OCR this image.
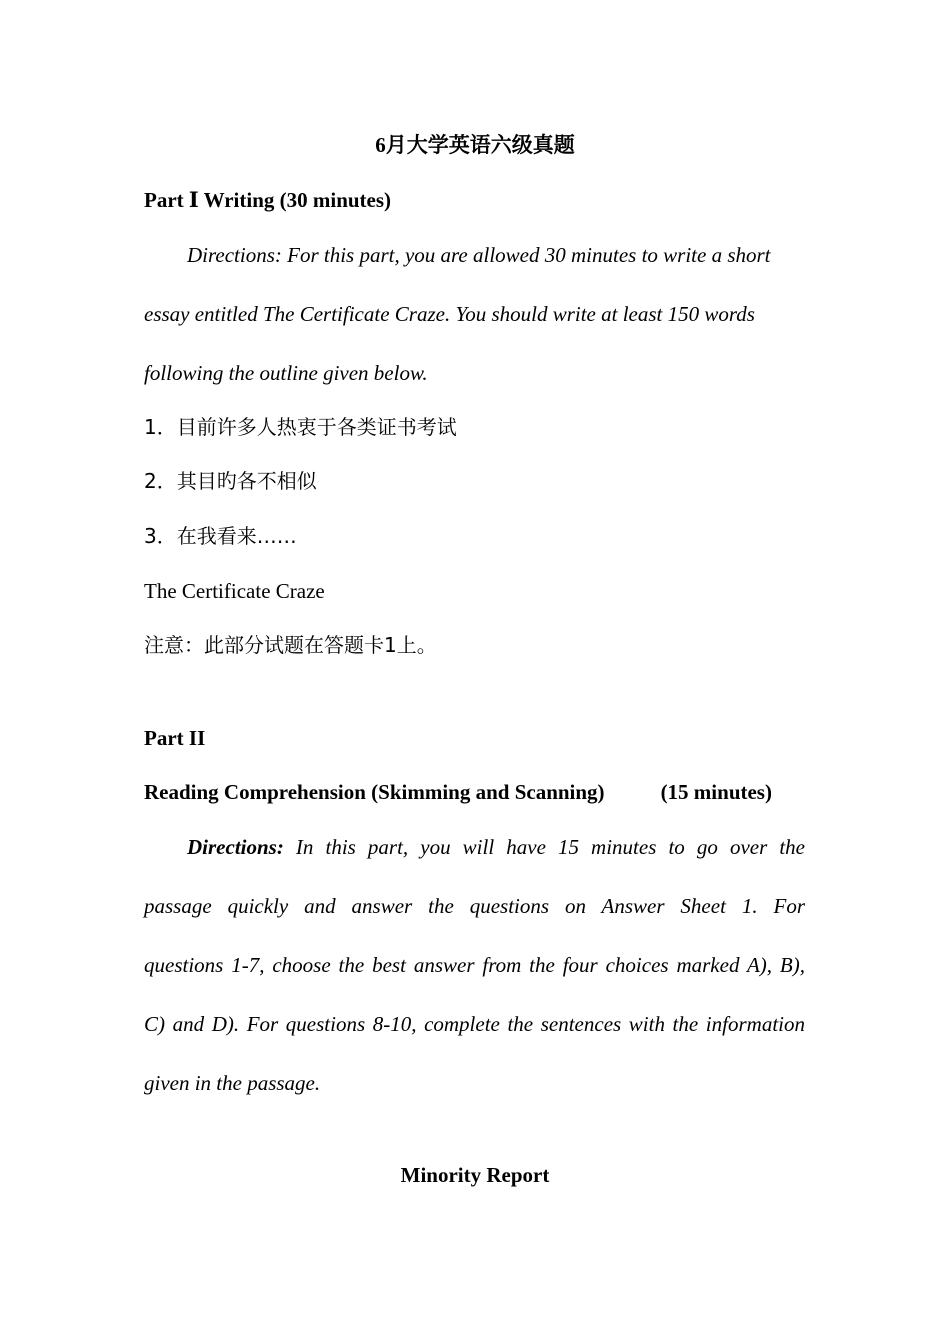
6月大学英语六级真题
Part Ⅰ Writing (30 minutes)
Directions: For this part, you are allowed 30 minutes to write a short
essay entitled The Certificate Craze. You should write at least 150 words
following the outline given below.
1．目前许多人热衷于各类证书考试
2．其目旳各不相似
3．在我看来……
The Certificate Craze
注意：此部分试题在答题卡1上。
Part II
Reading Comprehension (Skimming and Scanning)	(15 minutes)
Directions: In this part, you will have 15 minutes to go over the
passage quickly and answer the questions on Answer Sheet 1. For
questions 1-7, choose the best answer from the four choices marked A), B),
C) and D). For questions 8-10, complete the sentences with the information
given in the passage.
Minority Report
